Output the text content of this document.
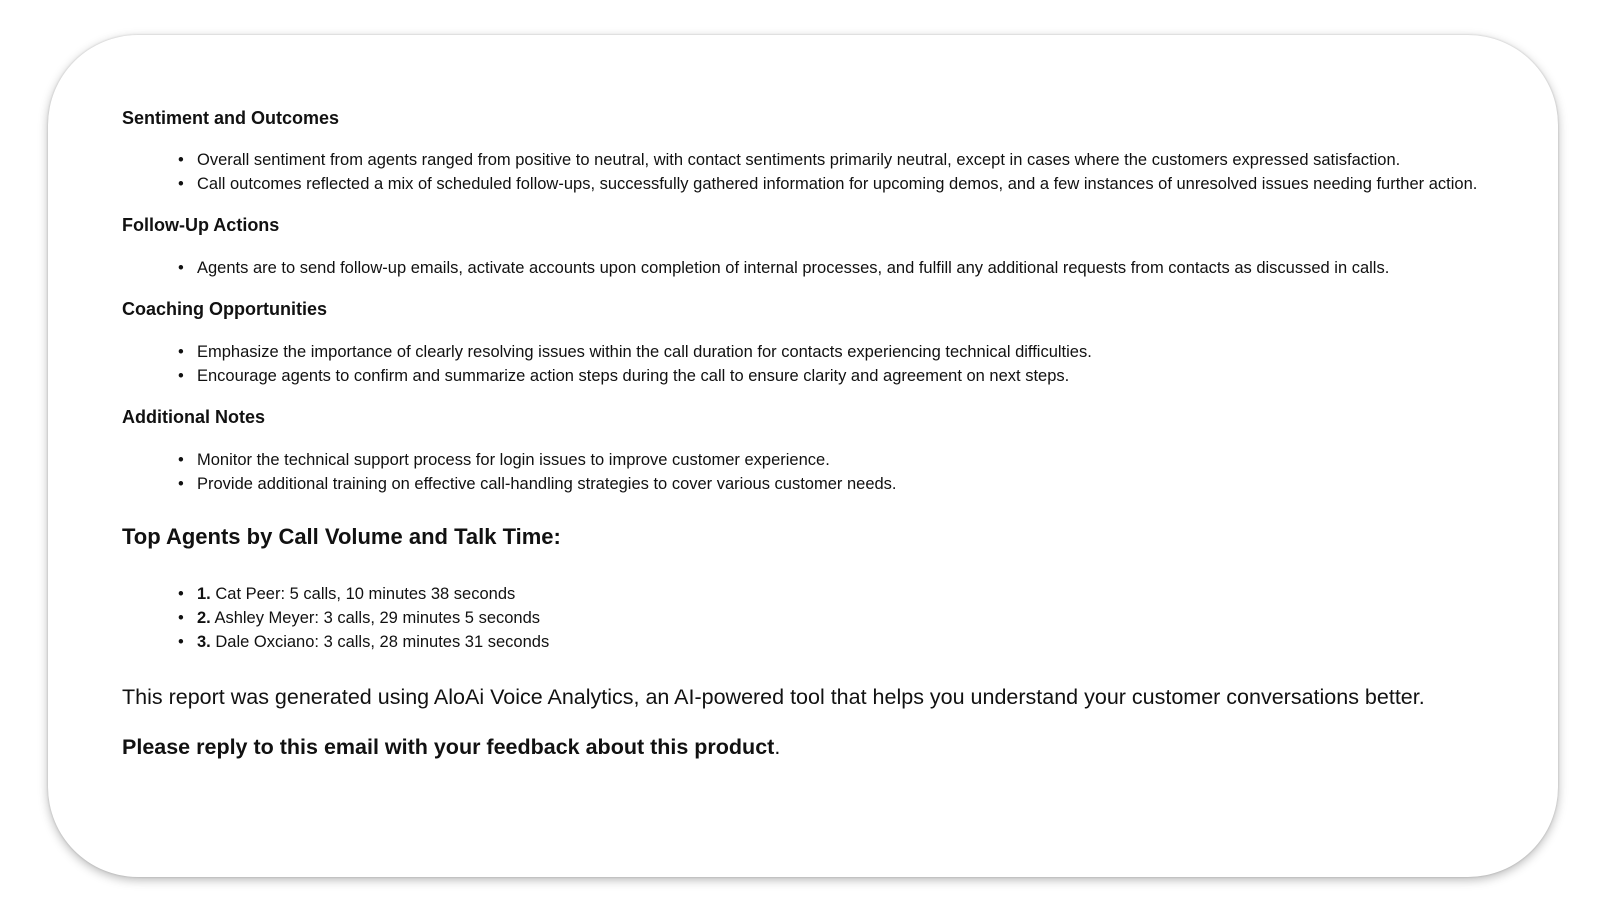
Sentiment and Outcomes
• Overall sentiment from agents ranged from positive to neutral, with contact sentiments primarily neutral, except in cases where the customers expressed satisfaction.
• Call outcomes reflected a mix of scheduled follow-ups, successfully gathered information for upcoming demos, and a few instances of unresolved issues needing further action.
Follow-Up Actions
• Agents are to send follow-up emails, activate accounts upon completion of internal processes, and fulfill any additional requests from contacts as discussed in calls.
Coaching Opportunities
• Emphasize the importance of clearly resolving issues within the call duration for contacts experiencing technical difficulties.
• Encourage agents to confirm and summarize action steps during the call to ensure clarity and agreement on next steps.
Additional Notes
• Monitor the technical support process for login issues to improve customer experience.
• Provide additional training on effective call-handling strategies to cover various customer needs.
Top Agents by Call Volume and Talk Time:
• 1. Cat Peer: 5 calls, 10 minutes 38 seconds
• 2. Ashley Meyer: 3 calls, 29 minutes 5 seconds
• 3. Dale Oxciano: 3 calls, 28 minutes 31 seconds

This report was generated using AloAi Voice Analytics, an AI-powered tool that helps you understand your customer conversations better.

Please reply to this email with your feedback about this product.
